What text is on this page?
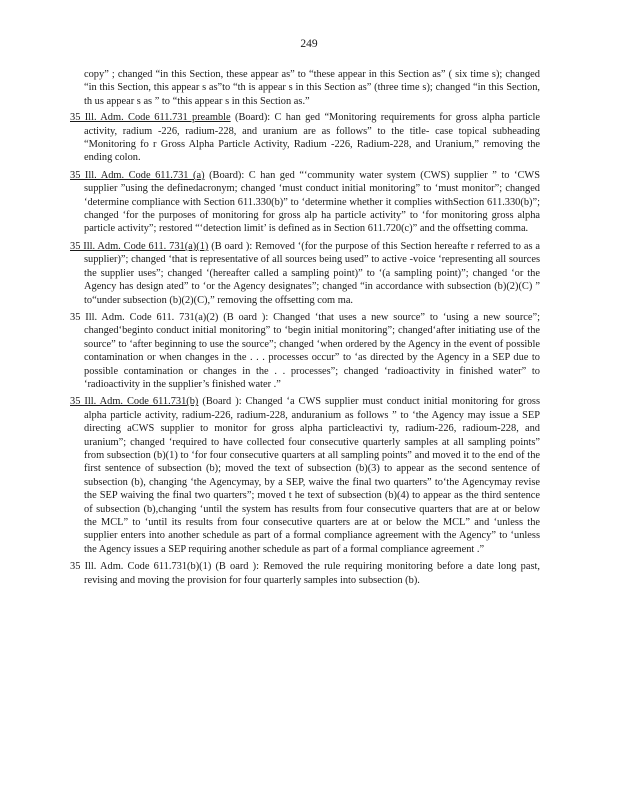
249

copy” ; changed “in this Section, these appear as” to “these appear in this Section as” ( six time s); changed “in this Section, this appear s as”to “th is appear s in this Section as” (three time s); changed “in this Section, th us appear s as ” to “this appear s in this Section as.”

35 Ill. Adm. Code 611.731 preamble (Board): C han ged “Monitoring requirements for gross alpha particle activity, radium -226, radium-228, and uranium are as follows” to the title- case topical subheading “Monitoring fo r Gross Alpha Particle Activity, Radium -226, Radium-228, and Uranium,” removing the ending colon.

35 Ill. Adm. Code 611.731 (a) (Board): C han ged “‘community water system (CWS) supplier ” to ‘CWS supplier ”using the definedacronym; changed ‘must conduct initial monitoring” to ‘must monitor”; changed ‘determine compliance with Section 611.330(b)” to ‘determine whether it complies withSection 611.330(b)”; changed ‘for the purposes of monitoring for gross alp ha particle activity” to ‘for monitoring gross alpha particle activity”; restored “‘detection limit’ is defined as in Section 611.720(c)” and the offsetting comma.

35 Ill. Adm. Code 611. 731(a)(1) (B oard ): Removed ‘(for the purpose of this Section hereafte r referred to as a supplier)”; changed ‘that is representative of all sources being used” to active -voice ‘representing all sources the supplier uses”; changed ‘(hereafter called a sampling point)” to ‘(a sampling point)”; changed ‘or the Agency has design ated” to ‘or the Agency designates”; changed “in accordance with subsection (b)(2)(C) ” to“under subsection (b)(2)(C),” removing the offsetting com ma.

35 Ill. Adm. Code 611. 731(a)(2) (B oard ): Changed ‘that uses a new source” to ‘using a new source”; changed‘beginto conduct initial monitoring” to ‘begin initial monitoring”; changed‘after initiating use of the source” to ‘after beginning to use the source”; changed ‘when ordered by the Agency in the event of possible contamination or when changes in the . . . processes occur” to ‘as directed by the Agency in a SEP due to possible contamination or changes in the . . processes”; changed ‘radioactivity in finished water” to ‘radioactivity in the supplier’s finished water .”

35 Ill. Adm. Code 611.731(b) (Board ): Changed ‘a CWS supplier must conduct initial monitoring for gross alpha particle activity, radium-226, radium-228, anduranium as follows ” to ‘the Agency may issue a SEP directing aCWS supplier to monitor for gross alpha particleactivi ty, radium-226, radioum-228, and uranium”; changed ‘required to have collected four consecutive quarterly samples at all sampling points” from subsection (b)(1) to ‘for four consecutive quarters at all sampling points” and moved it to the end of the first sentence of subsection (b); moved the text of subsection (b)(3) to appear as the second sentence of subsection (b), changing ‘the Agencymay, by a SEP, waive the final two quarters” to‘the Agencymay revise the SEP waiving the final two quarters”; moved t he text of subsection (b)(4) to appear as the third sentence of subsection (b),changing ‘until the system has results from four consecutive quarters that are at or below the MCL” to ‘until its results from four consecutive quarters are at or below the MCL” and ‘unless the supplier enters into another schedule as part of a formal compliance agreement with the Agency” to ‘unless the Agency issues a SEP requiring another schedule as part of a formal compliance agreement .”

35 Ill. Adm. Code 611.731(b)(1) (B oard ): Removed the rule requiring monitoring before a date long past, revising and moving the provision for four quarterly samples into subsection (b).
